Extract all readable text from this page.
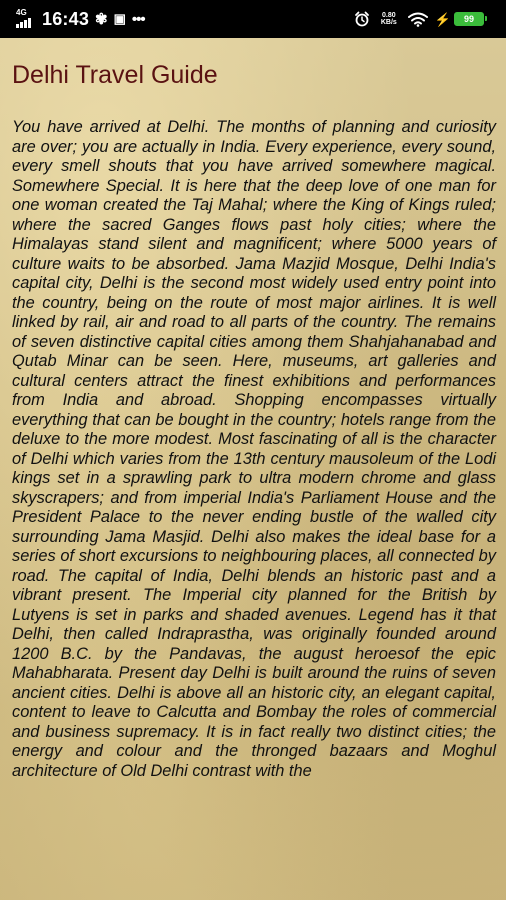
4G 16:43 ✾ ▣ •••	0.80
KB/s	⚡ 99
Delhi Travel Guide

You have arrived at Delhi. The months of planning and curiosity are over; you are actually in India. Every experience, every sound, every smell shouts that you have arrived somewhere magical. Somewhere Special. It is here that the deep love of one man for one woman created the Taj Mahal; where the King of Kings ruled; where the sacred Ganges flows past holy cities; where the Himalayas stand silent and magnificent; where 5000 years of culture waits to be absorbed. Jama Mazjid Mosque, Delhi India's capital city, Delhi is the second most widely used entry point into the country, being on the route of most major airlines. It is well linked by rail, air and road to all parts of the country. The remains of seven distinctive capital cities among them Shahjahanabad and Qutab Minar can be seen. Here, museums, art galleries and cultural centers attract the finest exhibitions and performances from India and abroad. Shopping encompasses virtually everything that can be bought in the country; hotels range from the deluxe to the more modest. Most fascinating of all is the character of Delhi which varies from the 13th century mausoleum of the Lodi kings set in a sprawling park to ultra modern chrome and glass skyscrapers; and from imperial India's Parliament House and the President Palace to the never ending bustle of the walled city surrounding Jama Masjid. Delhi also makes the ideal base for a series of short excursions to neighbouring places, all connected by road. The capital of India, Delhi blends an historic past and a vibrant present. The Imperial city planned for the British by Lutyens is set in parks and shaded avenues. Legend has it that Delhi, then called Indraprastha, was originally founded around 1200 B.C. by the Pandavas, the august heroesof the epic Mahabharata. Present day Delhi is built around the ruins of seven ancient cities. Delhi is above all an historic city, an elegant capital, content to leave to Calcutta and Bombay the roles of commercial and business supremacy. It is in fact really two distinct cities; the energy and colour and the thronged bazaars and Moghul architecture of Old Delhi contrast with the
